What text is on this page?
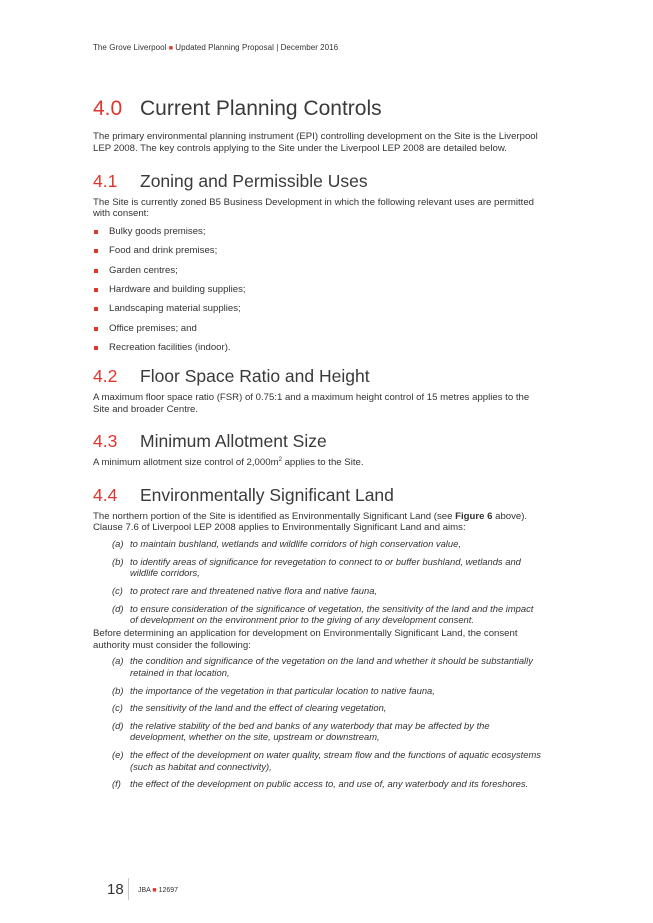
The Grove Liverpool ■ Updated Planning Proposal | December 2016
4.0 Current Planning Controls

The primary environmental planning instrument (EPI) controlling development on the Site is the Liverpool LEP 2008. The key controls applying to the Site under the Liverpool LEP 2008 are detailed below.

4.1 Zoning and Permissible Uses

The Site is currently zoned B5 Business Development in which the following relevant uses are permitted with consent:

Bulky goods premises;
Food and drink premises;
Garden centres;
Hardware and building supplies;
Landscaping material supplies;
Office premises; and
Recreation facilities (indoor).
4.2 Floor Space Ratio and Height

A maximum floor space ratio (FSR) of 0.75:1 and a maximum height control of 15 metres applies to the Site and broader Centre.

4.3 Minimum Allotment Size

A minimum allotment size control of $2,000m^2$ applies to the Site.

4.4 Environmentally Significant Land

The northern portion of the Site is identified as Environmentally Significant Land (see Figure 6 above). Clause 7.6 of Liverpool LEP 2008 applies to Environmentally Significant Land and aims:

(a) to maintain bushland, wetlands and wildlife corridors of high conservation value,
(b) to identify areas of significance for revegetation to connect to or buffer bushland, wetlands and wildlife corridors,
(c) to protect rare and threatened native flora and native fauna,
(d) to ensure consideration of the significance of vegetation, the sensitivity of the land and the impact of development on the environment prior to the giving of any development consent.

Before determining an application for development on Environmentally Significant Land, the consent authority must consider the following:

(a) the condition and significance of the vegetation on the land and whether it should be substantially retained in that location,
(b) the importance of the vegetation in that particular location to native fauna,
(c) the sensitivity of the land and the effect of clearing vegetation,
(d) the relative stability of the bed and banks of any waterbody that may be affected by the development, whether on the site, upstream or downstream,
(e) the effect of the development on water quality, stream flow and the functions of aquatic ecosystems (such as habitat and connectivity),
(f) the effect of the development on public access to, and use of, any waterbody and its foreshores.
18 JBA ■ 12697
